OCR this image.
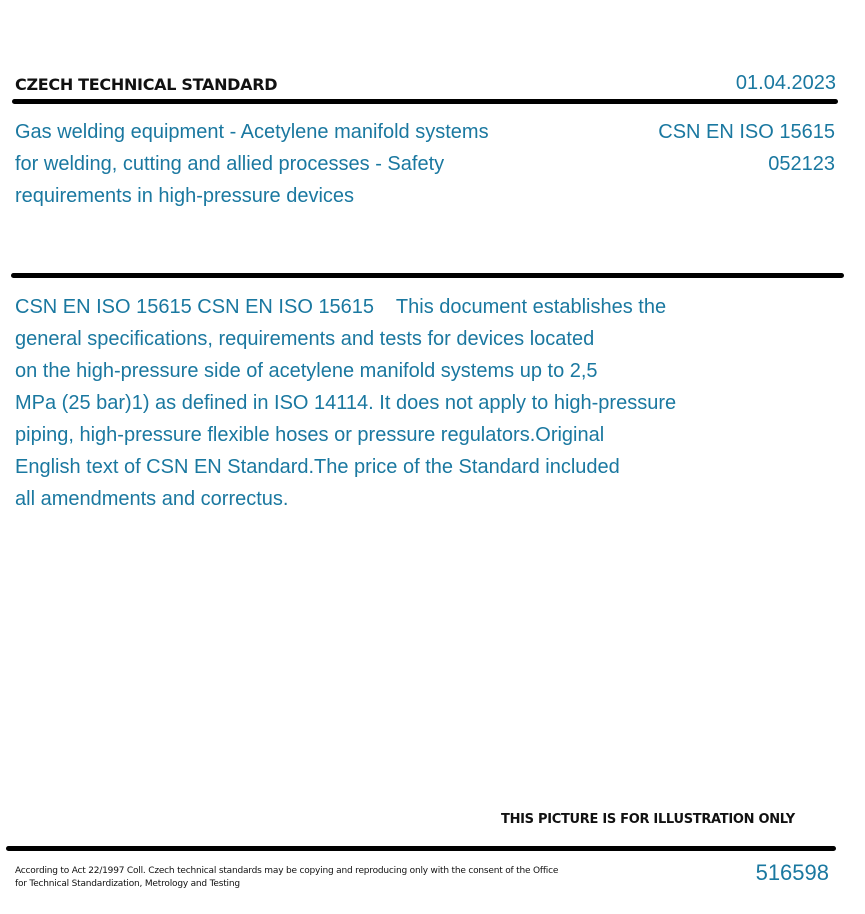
CZECH TECHNICAL STANDARD	01.04.2023
Gas welding equipment - Acetylene manifold systems
for welding, cutting and allied processes - Safety
requirements in high-pressure devices
CSN EN ISO 15615
052123
CSN EN ISO 15615 CSN EN ISO 15615    This document establishes the
general specifications, requirements and tests for devices located
on the high-pressure side of acetylene manifold systems up to 2,5
MPa (25 bar)1) as defined in ISO 14114. It does not apply to high-pressure
piping, high-pressure flexible hoses or pressure regulators.Original
English text of CSN EN Standard.The price of the Standard included
all amendments and correctus.
THIS PICTURE IS FOR ILLUSTRATION ONLY
According to Act 22/1997 Coll. Czech technical standards may be copying and reproducing only with the consent of the Office
for Technical Standardization, Metrology and Testing	516598
